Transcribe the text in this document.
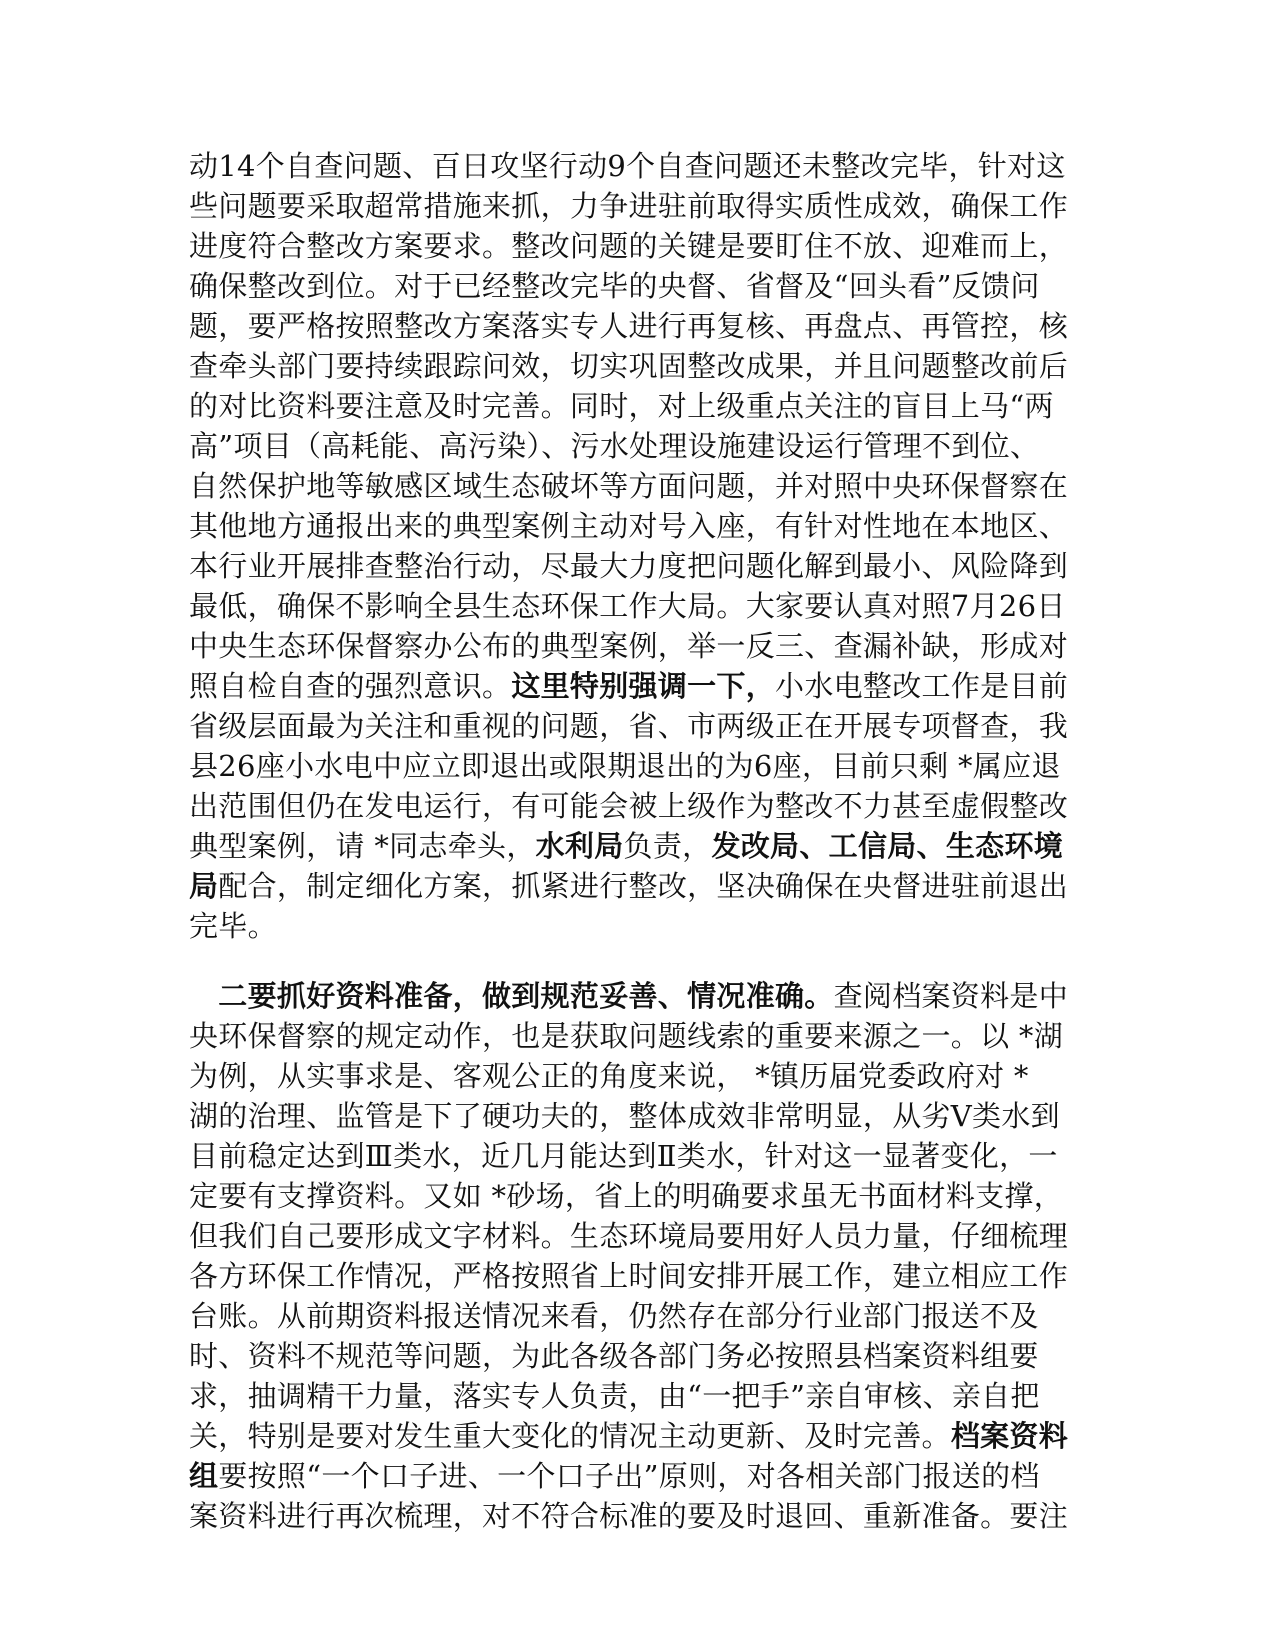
动14个自查问题、百日攻坚行动9个自查问题还未整改完毕，针对这
些问题要采取超常措施来抓，力争进驻前取得实质性成效，确保工作
进度符合整改方案要求。整改问题的关键是要盯住不放、迎难而上，
确保整改到位。对于已经整改完毕的央督、省督及“回头看”反馈问
题，要严格按照整改方案落实专人进行再复核、再盘点、再管控，核
查牵头部门要持续跟踪问效，切实巩固整改成果，并且问题整改前后
的对比资料要注意及时完善。同时，对上级重点关注的盲目上马“两
高”项目（高耗能、高污染）、污水处理设施建设运行管理不到位、
自然保护地等敏感区域生态破坏等方面问题，并对照中央环保督察在
其他地方通报出来的典型案例主动对号入座，有针对性地在本地区、
本行业开展排查整治行动，尽最大力度把问题化解到最小、风险降到
最低，确保不影响全县生态环保工作大局。大家要认真对照7月26日
中央生态环保督察办公布的典型案例，举一反三、查漏补缺，形成对
照自检自查的强烈意识。这里特别强调一下，小水电整改工作是目前
省级层面最为关注和重视的问题，省、市两级正在开展专项督查，我
县26座小水电中应立即退出或限期退出的为6座，目前只剩 *属应退
出范围但仍在发电运行，有可能会被上级作为整改不力甚至虚假整改
典型案例，请 *同志牵头，水利局负责，发改局、工信局、生态环境
局配合，制定细化方案，抓紧进行整改，坚决确保在央督进驻前退出
完毕。
　二要抓好资料准备，做到规范妥善、情况准确。查阅档案资料是中
央环保督察的规定动作，也是获取问题线索的重要来源之一。以 *湖
为例，从实事求是、客观公正的角度来说， *镇历届党委政府对 *
湖的治理、监管是下了硬功夫的，整体成效非常明显，从劣Ⅴ类水到
目前稳定达到Ⅲ类水，近几月能达到Ⅱ类水，针对这一显著变化，一
定要有支撑资料。又如 *砂场，省上的明确要求虽无书面材料支撑，
但我们自己要形成文字材料。生态环境局要用好人员力量，仔细梳理
各方环保工作情况，严格按照省上时间安排开展工作，建立相应工作
台账。从前期资料报送情况来看，仍然存在部分行业部门报送不及
时、资料不规范等问题，为此各级各部门务必按照县档案资料组要
求，抽调精干力量，落实专人负责，由“一把手”亲自审核、亲自把
关，特别是要对发生重大变化的情况主动更新、及时完善。档案资料
组要按照“一个口子进、一个口子出”原则，对各相关部门报送的档
案资料进行再次梳理，对不符合标准的要及时退回、重新准备。要注
